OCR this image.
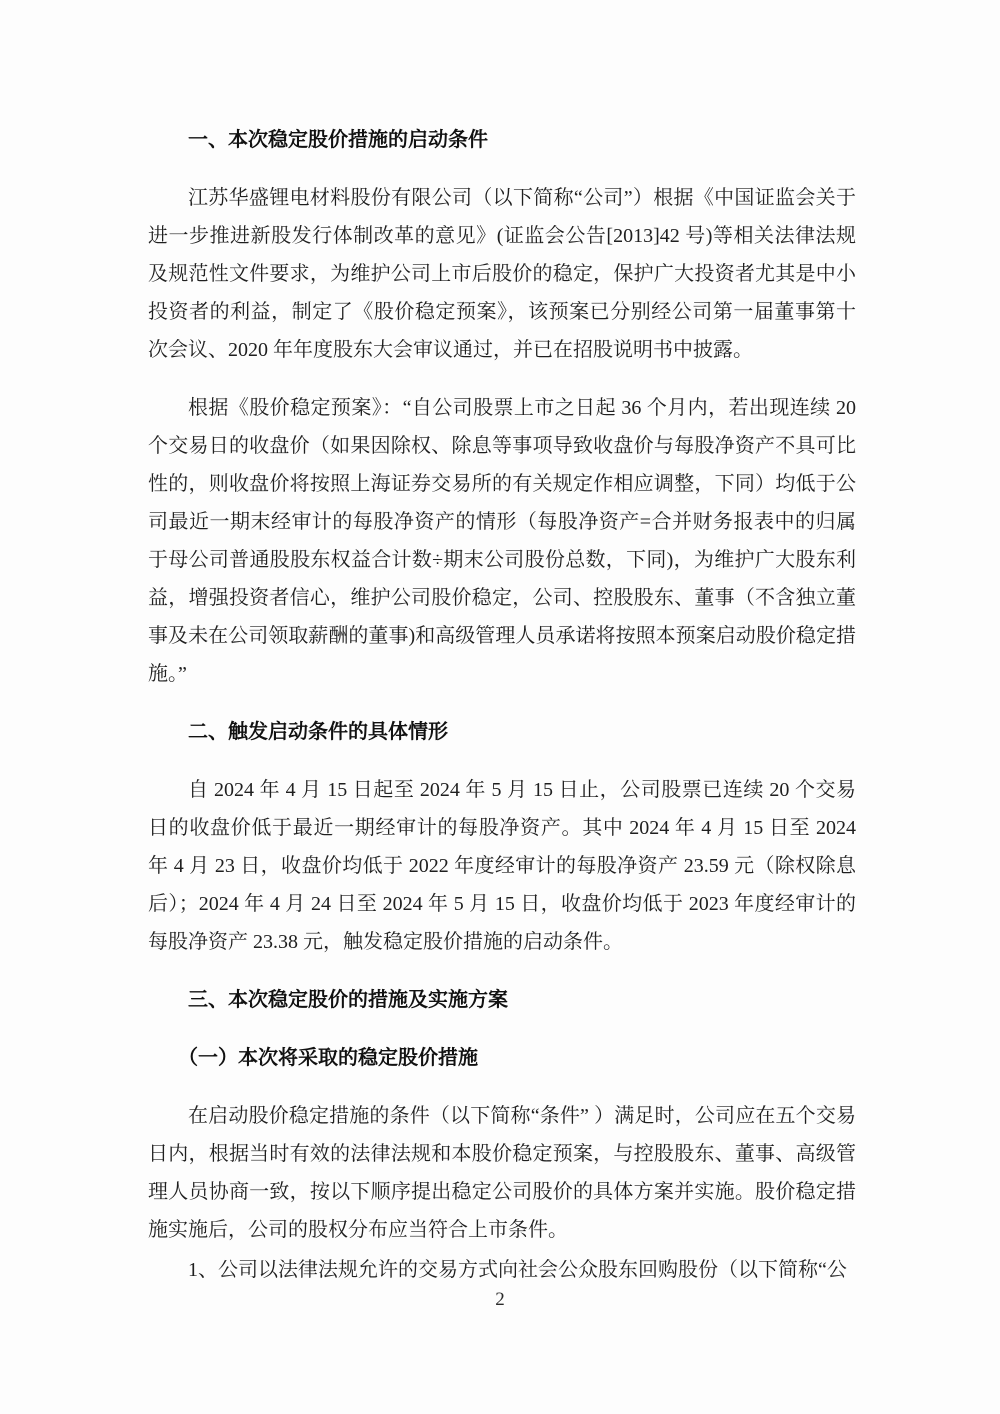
一、本次稳定股价措施的启动条件

江苏华盛锂电材料股份有限公司（以下简称“公司”）根据《中国证监会关于进一步推进新股发行体制改革的意见》(证监会公告[2013]42 号)等相关法律法规及规范性文件要求，为维护公司上市后股价的稳定，保护广大投资者尤其是中小投资者的利益，制定了《股价稳定预案》，该预案已分别经公司第一届董事第十次会议、2020 年年度股东大会审议通过，并已在招股说明书中披露。

根据《股价稳定预案》：“自公司股票上市之日起 36 个月内，若出现连续 20 个交易日的收盘价（如果因除权、除息等事项导致收盘价与每股净资产不具可比性的，则收盘价将按照上海证券交易所的有关规定作相应调整，下同）均低于公司最近一期末经审计的每股净资产的情形（每股净资产=合并财务报表中的归属于母公司普通股股东权益合计数÷期末公司股份总数，下同)，为维护广大股东利益，增强投资者信心，维护公司股价稳定，公司、控股股东、董事（不含独立董事及未在公司领取薪酬的董事)和高级管理人员承诺将按照本预案启动股价稳定措施。”

二、触发启动条件的具体情形

自 2024 年 4 月 15 日起至 2024 年 5 月 15 日止，公司股票已连续 20 个交易日的收盘价低于最近一期经审计的每股净资产。其中 2024 年 4 月 15 日至 2024 年 4 月 23 日，收盘价均低于 2022 年度经审计的每股净资产 23.59 元（除权除息后）；2024 年 4 月 24 日至 2024 年 5 月 15 日，收盘价均低于 2023 年度经审计的每股净资产 23.38 元，触发稳定股价措施的启动条件。

三、本次稳定股价的措施及实施方案
（一）本次将采取的稳定股价措施

在启动股价稳定措施的条件（以下简称“条件” ）满足时，公司应在五个交易日内，根据当时有效的法律法规和本股价稳定预案，与控股股东、董事、高级管理人员协商一致，按以下顺序提出稳定公司股价的具体方案并实施。股价稳定措施实施后，公司的股权分布应当符合上市条件。

1、公司以法律法规允许的交易方式向社会公众股东回购股份（以下简称“公

2
